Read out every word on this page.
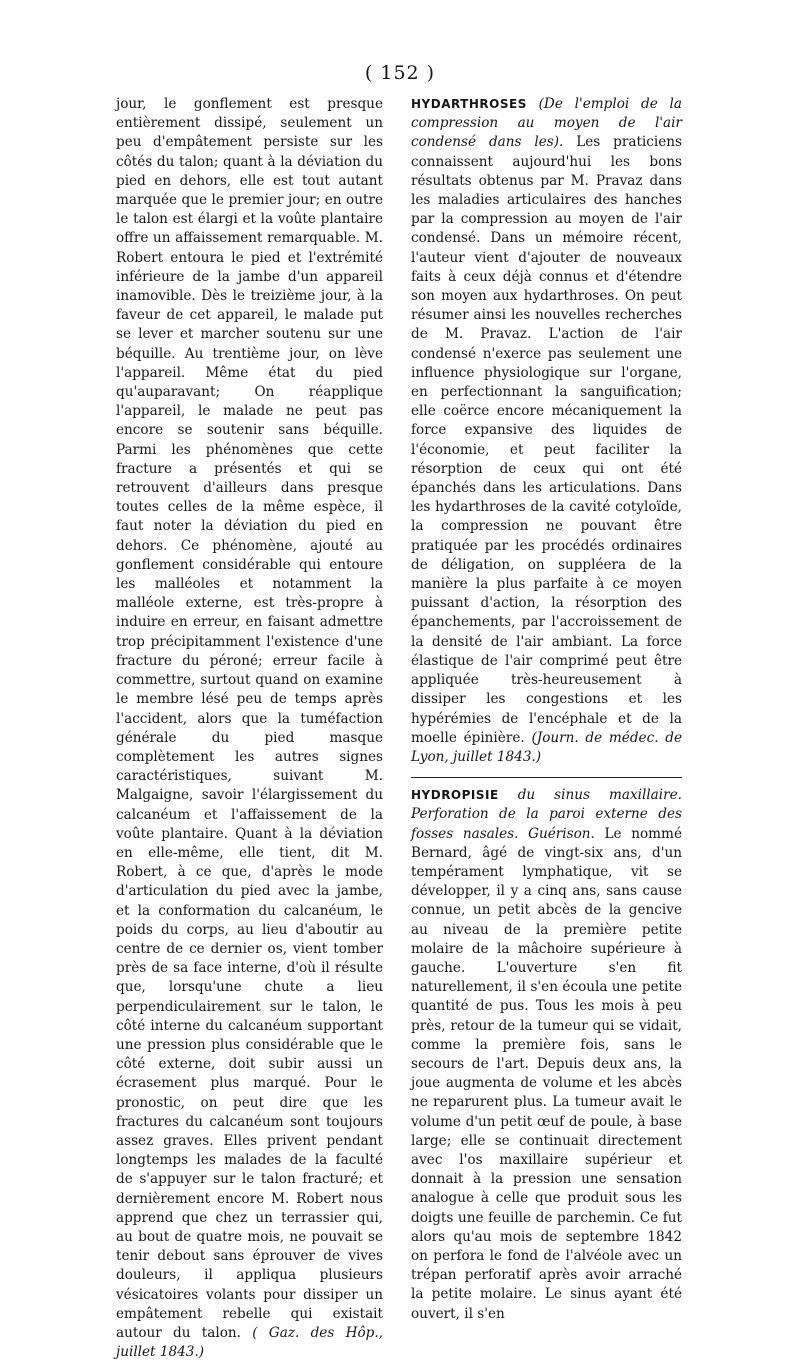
( 152 )

jour, le gonflement est presque entièrement dissipé, seulement un peu d'empâtement persiste sur les côtés du talon; quant à la déviation du pied en dehors, elle est tout autant marquée que le premier jour; en outre le talon est élargi et la voûte plantaire offre un affaissement remarquable. M. Robert entoura le pied et l'extrémité inférieure de la jambe d'un appareil inamovible. Dès le treizième jour, à la faveur de cet appareil, le malade put se lever et marcher soutenu sur une béquille. Au trentième jour, on lève l'appareil. Même état du pied qu'auparavant; On réapplique l'appareil, le malade ne peut pas encore se soutenir sans béquille. Parmi les phénomènes que cette fracture a présentés et qui se retrouvent d'ailleurs dans presque toutes celles de la même espèce, il faut noter la déviation du pied en dehors. Ce phénomène, ajouté au gonflement considérable qui entoure les malléoles et notamment la malléole externe, est très-propre à induire en erreur, en faisant admettre trop précipitamment l'existence d'une fracture du péroné; erreur facile à commettre, surtout quand on examine le membre lésé peu de temps après l'accident, alors que la tuméfaction générale du pied masque complètement les autres signes caractéristiques, suivant M. Malgaigne, savoir l'élargissement du calcanéum et l'affaissement de la voûte plantaire. Quant à la déviation en elle-même, elle tient, dit M. Robert, à ce que, d'après le mode d'articulation du pied avec la jambe, et la conformation du calcanéum, le poids du corps, au lieu d'aboutir au centre de ce dernier os, vient tomber près de sa face interne, d'où il résulte que, lorsqu'une chute a lieu perpendiculairement sur le talon, le côté interne du calcanéum supportant une pression plus considérable que le côté externe, doit subir aussi un écrasement plus marqué. Pour le pronostic, on peut dire que les fractures du calcanéum sont toujours assez graves. Elles privent pendant longtemps les malades de la faculté de s'appuyer sur le talon fracturé; et dernièrement encore M. Robert nous apprend que chez un terrassier qui, au bout de quatre mois, ne pouvait se tenir debout sans éprouver de vives douleurs, il appliqua plusieurs vésicatoires volants pour dissiper un empâtement rebelle qui existait autour du talon. ( Gaz. des Hôp., juillet 1843.)

HYDARTHROSES (De l'emploi de la compression au moyen de l'air condensé dans les). Les praticiens connaissent aujourd'hui les bons résultats obtenus par M. Pravaz dans les maladies articulaires des hanches par la compression au moyen de l'air condensé. Dans un mémoire récent, l'auteur vient d'ajouter de nouveaux faits à ceux déjà connus et d'étendre son moyen aux hydarthroses. On peut résumer ainsi les nouvelles recherches de M. Pravaz. L'action de l'air condensé n'exerce pas seulement une influence physiologique sur l'organe, en perfectionnant la sanguification; elle coërce encore mécaniquement la force expansive des liquides de l'économie, et peut faciliter la résorption de ceux qui ont été épanchés dans les articulations. Dans les hydarthroses de la cavité cotyloïde, la compression ne pouvant être pratiquée par les procédés ordinaires de déligation, on suppléera de la manière la plus parfaite à ce moyen puissant d'action, la résorption des épanchements, par l'accroissement de la densité de l'air ambiant. La force élastique de l'air comprimé peut être appliquée très-heureusement à dissiper les congestions et les hypérémies de l'encéphale et de la moelle épinière. (Journ. de médec. de Lyon, juillet 1843.)

HYDROPISIE du sinus maxillaire. Perforation de la paroi externe des fosses nasales. Guérison. Le nommé Bernard, âgé de vingt-six ans, d'un tempérament lymphatique, vit se développer, il y a cinq ans, sans cause connue, un petit abcès de la gencive au niveau de la première petite molaire de la mâchoire supérieure à gauche. L'ouverture s'en fit naturellement, il s'en écoula une petite quantité de pus. Tous les mois à peu près, retour de la tumeur qui se vidait, comme la première fois, sans le secours de l'art. Depuis deux ans, la joue augmenta de volume et les abcès ne reparurent plus. La tumeur avait le volume d'un petit œuf de poule, à base large; elle se continuait directement avec l'os maxillaire supérieur et donnait à la pression une sensation analogue à celle que produit sous les doigts une feuille de parchemin. Ce fut alors qu'au mois de septembre 1842 on perfora le fond de l'alvéole avec un trépan perforatif après avoir arraché la petite molaire. Le sinus ayant été ouvert, il s'en
